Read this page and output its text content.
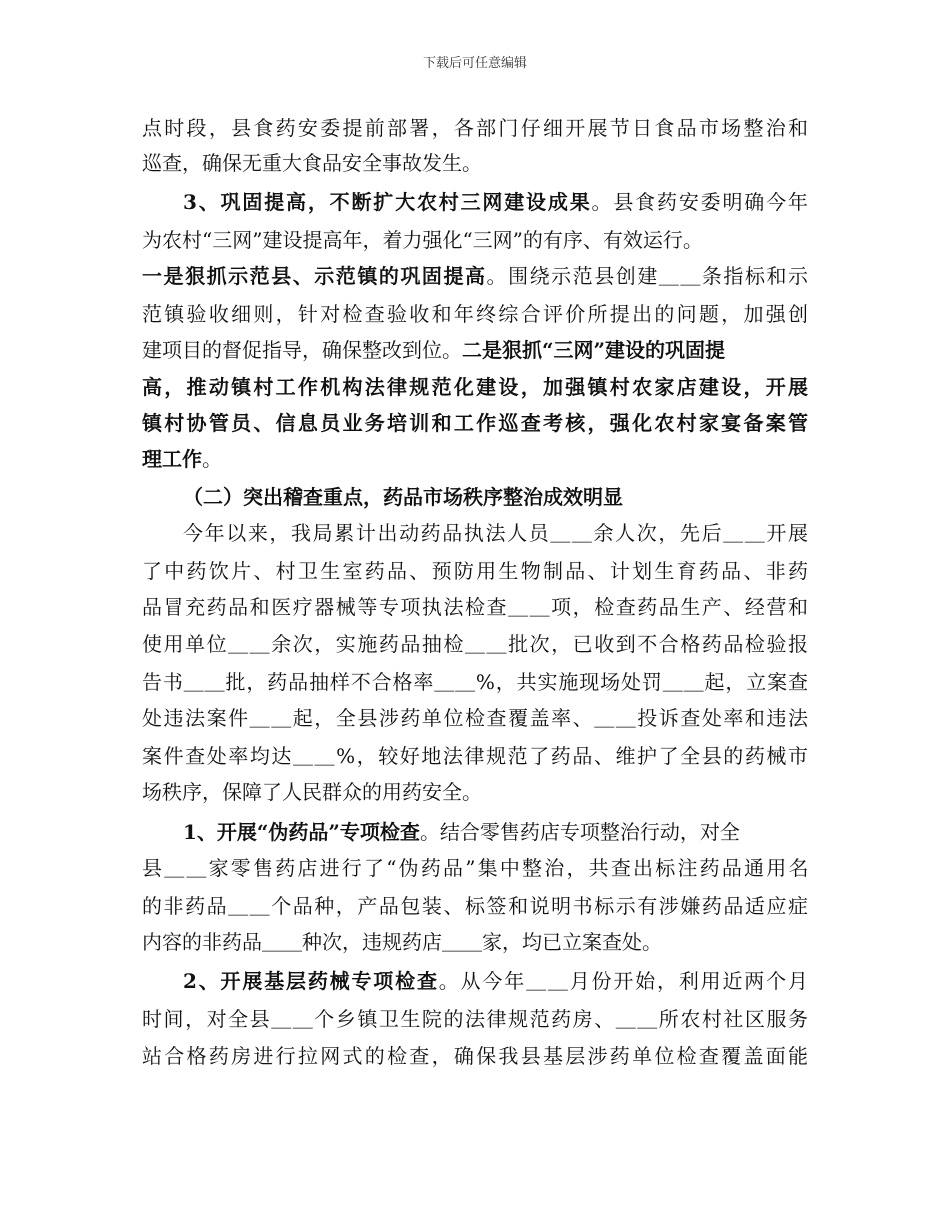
下载后可任意编辑
点时段，县食药安委提前部署，各部门仔细开展节日食品市场整治和
巡查，确保无重大食品安全事故发生。
3、巩固提高，不断扩大农村三网建设成果。县食药安委明确今年
为农村“三网”建设提高年，着力强化“三网”的有序、有效运行。
一是狠抓示范县、示范镇的巩固提高。围绕示范县创建＿＿条指标和示
范镇验收细则，针对检查验收和年终综合评价所提出的问题，加强创
建项目的督促指导，确保整改到位。二是狠抓“三网”建设的巩固提
高，推动镇村工作机构法律规范化建设，加强镇村农家店建设，开展
镇村协管员、信息员业务培训和工作巡查考核，强化农村家宴备案管
理工作。
（二）突出稽查重点，药品市场秩序整治成效明显
今年以来，我局累计出动药品执法人员＿＿余人次，先后＿＿开展
了中药饮片、村卫生室药品、预防用生物制品、计划生育药品、非药
品冒充药品和医疗器械等专项执法检查＿＿项，检查药品生产、经营和
使用单位＿＿余次，实施药品抽检＿＿批次，已收到不合格药品检验报
告书＿＿批，药品抽样不合格率＿＿%，共实施现场处罚＿＿起，立案查
处违法案件＿＿起，全县涉药单位检查覆盖率、＿＿投诉查处率和违法
案件查处率均达＿＿%，较好地法律规范了药品、维护了全县的药械市
场秩序，保障了人民群众的用药安全。
1、开展“伪药品”专项检查。结合零售药店专项整治行动，对全
县＿＿家零售药店进行了“伪药品”集中整治，共查出标注药品通用名
的非药品＿＿个品种，产品包装、标签和说明书标示有涉嫌药品适应症
内容的非药品＿＿种次，违规药店＿＿家，均已立案查处。
2、开展基层药械专项检查。从今年＿＿月份开始，利用近两个月
时间，对全县＿＿个乡镇卫生院的法律规范药房、＿＿所农村社区服务
站合格药房进行拉网式的检查，确保我县基层涉药单位检查覆盖面能
